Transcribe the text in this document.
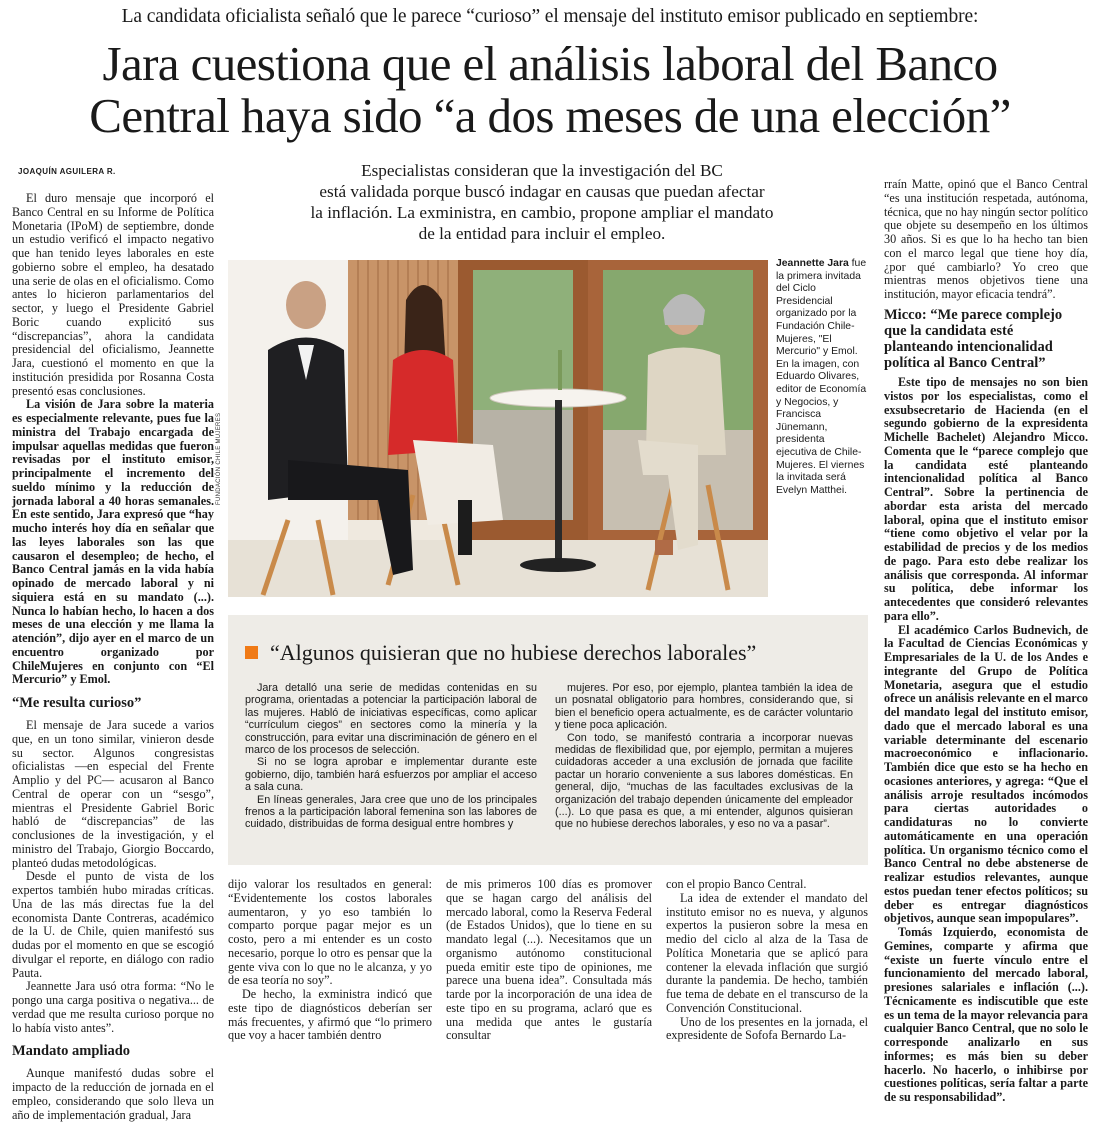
La candidata oficialista señaló que le parece “curioso” el mensaje del instituto emisor publicado en septiembre:
Jara cuestiona que el análisis laboral del Banco
Central haya sido “a dos meses de una elección”
JOAQUÍN AGUILERA R.	Especialistas consideran que la investigación del BC
está validada porque buscó indagar en causas que puedan afectar
la inflación. La exministra, en cambio, propone ampliar el mandato
de la entidad para incluir el empleo.

El duro mensaje que incorporó el Banco Central en su Informe de Política Monetaria (IPoM) de septiembre, donde un estudio verificó el impacto negativo que han tenido leyes laborales en este gobierno sobre el empleo, ha desatado una serie de olas en el oficialismo. Como antes lo hicieron parlamentarios del sector, y luego el Presidente Gabriel Boric cuando explicitó sus “discrepancias”, ahora la candidata presidencial del oficialismo, Jeannette Jara, cuestionó el momento en que la institución presidida por Rosanna Costa presentó esas conclusiones.

La visión de Jara sobre la materia es especialmente relevante, pues fue la ministra del Trabajo encargada de impulsar aquellas medidas que fueron revisadas por el instituto emisor, principalmente el incremento del sueldo mínimo y la reducción de jornada laboral a 40 horas semanales. En este sentido, Jara expresó que “hay mucho interés hoy día en señalar que las leyes laborales son las que causaron el desempleo; de hecho, el Banco Central jamás en la vida había opinado de mercado laboral y ni siquiera está en su mandato (...). Nunca lo habían hecho, lo hacen a dos meses de una elección y me llama la atención”, dijo ayer en el marco de un encuentro organizado por ChileMujeres en conjunto con “El Mercurio” y Emol.

“Me resulta curioso”

El mensaje de Jara sucede a varios que, en un tono similar, vinieron desde su sector. Algunos congresistas oficialistas —en especial del Frente Amplio y del PC— acusaron al Banco Central de operar con un “sesgo”, mientras el Presidente Gabriel Boric habló de “discrepancias” de las conclusiones de la investigación, y el ministro del Trabajo, Giorgio Boccardo, planteó dudas metodológicas.

Desde el punto de vista de los expertos también hubo miradas críticas. Una de las más directas fue la del economista Dante Contreras, académico de la U. de Chile, quien manifestó sus dudas por el momento en que se escogió divulgar el reporte, en diálogo con radio Pauta.

Jeannette Jara usó otra forma: “No le pongo una carga positiva o negativa... de verdad que me resulta curioso porque no lo había visto antes”.

Mandato ampliado

Aunque manifestó dudas sobre el impacto de la reducción de jornada en el empleo, considerando que solo lleva un año de implementación gradual, Jara

FUNDACIÓN CHILE MUJERES
Jeannette Jara fue la primera invitada del Ciclo Presidencial organizado por la Fundación Chile-Mujeres, "El Mercurio" y Emol. En la imagen, con Eduardo Olivares, editor de Economía y Negocios, y Francisca Jünemann, presidenta ejecutiva de Chile-Mujeres. El viernes la invitada será Evelyn Matthei.
“Algunos quisieran que no hubiese derechos laborales”

Jara detalló una serie de medidas contenidas en su programa, orientadas a potenciar la participación laboral de las mujeres. Habló de iniciativas específicas, como aplicar “currículum ciegos” en sectores como la minería y la construcción, para evitar una discriminación de género en el marco de los procesos de selección.

Si no se logra aprobar e implementar durante este gobierno, dijo, también hará esfuerzos por ampliar el acceso a sala cuna.

En líneas generales, Jara cree que uno de los principales frenos a la participación laboral femenina son las labores de cuidado, distribuidas de forma desigual entre hombres y

mujeres. Por eso, por ejemplo, plantea también la idea de un posnatal obligatorio para hombres, considerando que, si bien el beneficio opera actualmente, es de carácter voluntario y tiene poca aplicación.

Con todo, se manifestó contraria a incorporar nuevas medidas de flexibilidad que, por ejemplo, permitan a mujeres cuidadoras acceder a una exclusión de jornada que facilite pactar un horario conveniente a sus labores domésticas. En general, dijo, “muchas de las facultades exclusivas de la organización del trabajo dependen únicamente del empleador (...). Lo que pasa es que, a mi entender, algunos quisieran que no hubiese derechos laborales, y eso no va a pasar”.

dijo valorar los resultados en general: “Evidentemente los costos laborales aumentaron, y yo eso también lo comparto porque pagar mejor es un costo, pero a mi entender es un costo necesario, porque lo otro es pensar que la gente viva con lo que no le alcanza, y yo de esa teoría no soy”.

De hecho, la exministra indicó que este tipo de diagnósticos deberían ser más frecuentes, y afirmó que “lo primero que voy a hacer también dentro

de mis primeros 100 días es promover que se hagan cargo del análisis del mercado laboral, como la Reserva Federal (de Estados Unidos), que lo tiene en su mandato legal (...). Necesitamos que un organismo autónomo constitucional pueda emitir este tipo de opiniones, me parece una buena idea”. Consultada más tarde por la incorporación de una idea de este tipo en su programa, aclaró que es una medida que antes le gustaría consultar

con el propio Banco Central.

La idea de extender el mandato del instituto emisor no es nueva, y algunos expertos la pusieron sobre la mesa en medio del ciclo al alza de la Tasa de Política Monetaria que se aplicó para contener la elevada inflación que surgió durante la pandemia. De hecho, también fue tema de debate en el transcurso de la Convención Constitucional.

Uno de los presentes en la jornada, el expresidente de Sofofa Bernardo La-

rraín Matte, opinó que el Banco Central “es una institución respetada, autónoma, técnica, que no hay ningún sector político que objete su desempeño en los últimos 30 años. Si es que lo ha hecho tan bien con el marco legal que tiene hoy día, ¿por qué cambiarlo? Yo creo que mientras menos objetivos tiene una institución, mayor eficacia tendrá”.

Micco: “Me parece complejo que la candidata esté planteando intencionalidad política al Banco Central”

Este tipo de mensajes no son bien vistos por los especialistas, como el exsubsecretario de Hacienda (en el segundo gobierno de la expresidenta Michelle Bachelet) Alejandro Micco. Comenta que le “parece complejo que la candidata esté planteando intencionalidad política al Banco Central”. Sobre la pertinencia de abordar esta arista del mercado laboral, opina que el instituto emisor “tiene como objetivo el velar por la estabilidad de precios y de los medios de pago. Para esto debe realizar los análisis que corresponda. Al informar su política, debe informar los antecedentes que consideró relevantes para ello”.

El académico Carlos Budnevich, de la Facultad de Ciencias Económicas y Empresariales de la U. de los Andes e integrante del Grupo de Política Monetaria, asegura que el estudio ofrece un análisis relevante en el marco del mandato legal del instituto emisor, dado que el mercado laboral es una variable determinante del escenario macroeconómico e inflacionario. También dice que esto se ha hecho en ocasiones anteriores, y agrega: “Que el análisis arroje resultados incómodos para ciertas autoridades o candidaturas no lo convierte automáticamente en una operación política. Un organismo técnico como el Banco Central no debe abstenerse de realizar estudios relevantes, aunque estos puedan tener efectos políticos; su deber es entregar diagnósticos objetivos, aunque sean impopulares”.

Tomás Izquierdo, economista de Gemines, comparte y afirma que “existe un fuerte vínculo entre el funcionamiento del mercado laboral, presiones salariales e inflación (...). Técnicamente es indiscutible que este es un tema de la mayor relevancia para cualquier Banco Central, que no solo le corresponde analizarlo en sus informes; es más bien su deber hacerlo. No hacerlo, o inhibirse por cuestiones políticas, sería faltar a parte de su responsabilidad”.
